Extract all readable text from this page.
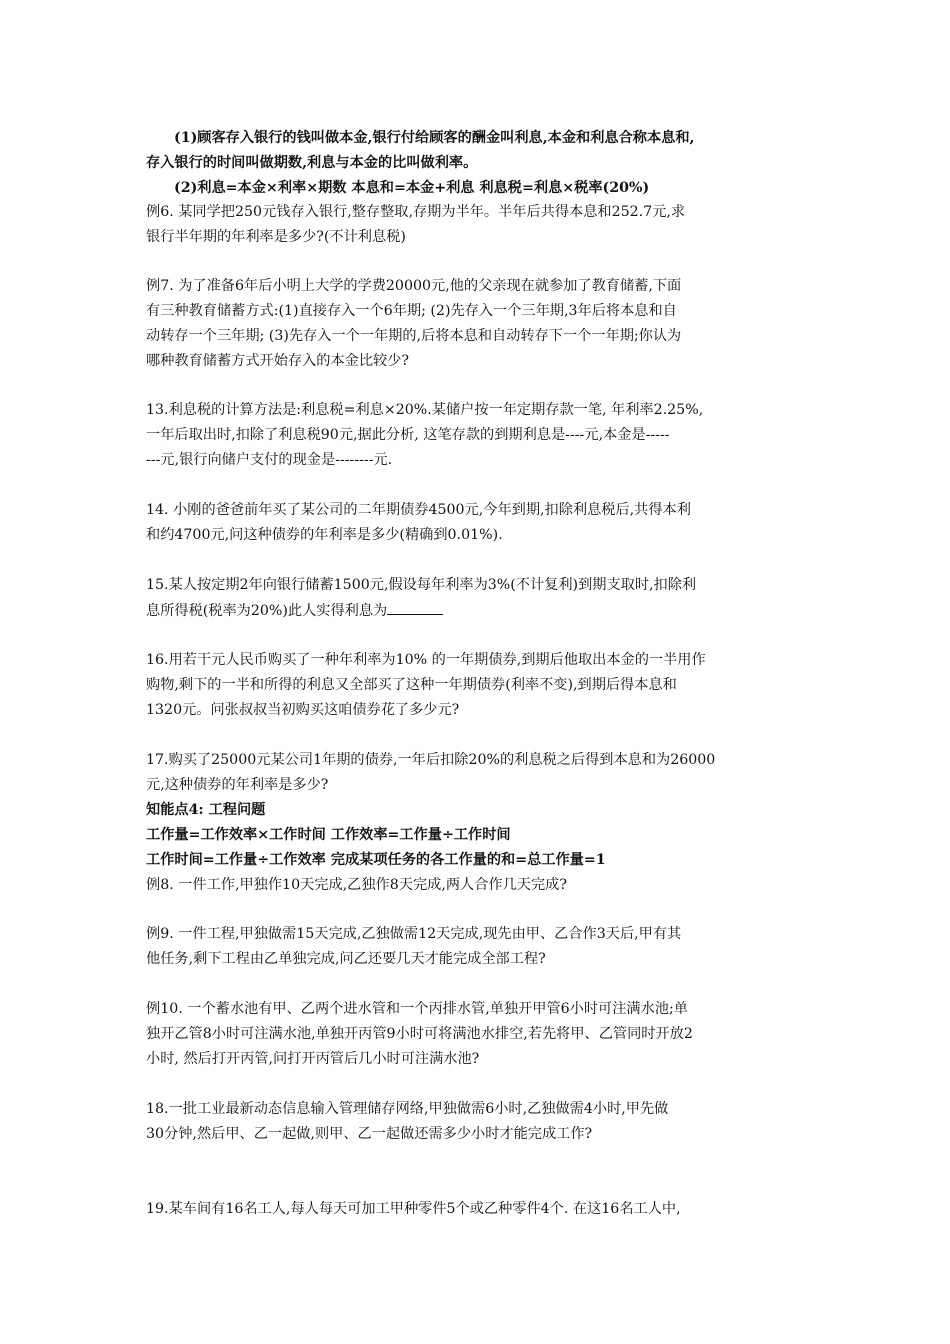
(1)顾客存入银行的钱叫做本金,银行付给顾客的酬金叫利息,本金和利息合称本息和,
存入银行的时间叫做期数,利息与本金的比叫做利率。
(2)利息=本金×利率×期数 本息和=本金+利息 利息税=利息×税率(20%)
例6. 某同学把250元钱存入银行,整存整取,存期为半年。半年后共得本息和252.7元,求
银行半年期的年利率是多少?(不计利息税)
例7. 为了准备6年后小明上大学的学费20000元,他的父亲现在就参加了教育储蓄,下面
有三种教育储蓄方式:(1)直接存入一个6年期; (2)先存入一个三年期,3年后将本息和自
动转存一个三年期; (3)先存入一个一年期的,后将本息和自动转存下一个一年期;你认为
哪种教育储蓄方式开始存入的本金比较少?
13.利息税的计算方法是:利息税=利息×20%.某储户按一年定期存款一笔, 年利率2.25%,
一年后取出时,扣除了利息税90元,据此分析, 这笔存款的到期利息是----元,本金是-----
---元,银行向储户支付的现金是--------元.
14. 小刚的爸爸前年买了某公司的二年期债券4500元,今年到期,扣除利息税后,共得本利
和约4700元,问这种债券的年利率是多少(精确到0.01%).
15.某人按定期2年向银行储蓄1500元,假设每年利率为3%(不计复利)到期支取时,扣除利
息所得税(税率为20%)此人实得利息为
16.用若干元人民币购买了一种年利率为10% 的一年期债券,到期后他取出本金的一半用作
购物,剩下的一半和所得的利息又全部买了这种一年期债券(利率不变),到期后得本息和
1320元。问张叔叔当初购买这咱债券花了多少元?
17.购买了25000元某公司1年期的债券,一年后扣除20%的利息税之后得到本息和为26000
元,这种债券的年利率是多少?
知能点4: 工程问题
工作量=工作效率×工作时间 工作效率=工作量÷工作时间
工作时间=工作量÷工作效率 完成某项任务的各工作量的和=总工作量=1
例8. 一件工作,甲独作10天完成,乙独作8天完成,两人合作几天完成?
例9. 一件工程,甲独做需15天完成,乙独做需12天完成,现先由甲、乙合作3天后,甲有其
他任务,剩下工程由乙单独完成,问乙还要几天才能完成全部工程?
例10. 一个蓄水池有甲、乙两个进水管和一个丙排水管,单独开甲管6小时可注满水池;单
独开乙管8小时可注满水池,单独开丙管9小时可将满池水排空,若先将甲、乙管同时开放2
小时, 然后打开丙管,问打开丙管后几小时可注满水池?
18.一批工业最新动态信息输入管理储存网络,甲独做需6小时,乙独做需4小时,甲先做
30分钟,然后甲、乙一起做,则甲、乙一起做还需多少小时才能完成工作?
19.某车间有16名工人,每人每天可加工甲种零件5个或乙种零件4个. 在这16名工人中,
